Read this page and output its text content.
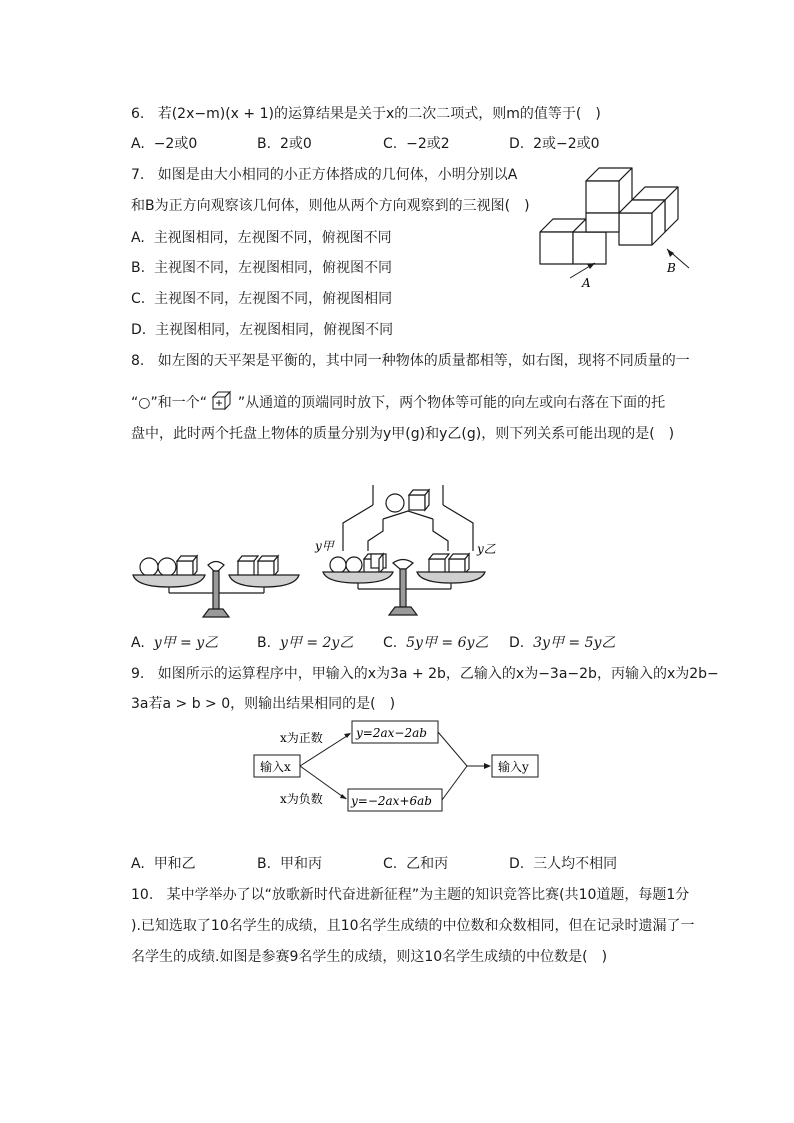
6. 若(2x−m)(x + 1)的运算结果是关于x的二次二项式，则m的值等于(　)
A. −2或0	B. 2或0	C. −2或2	D. 2或−2或0
7. 如图是由大小相同的小正方体搭成的几何体，小明分别以A
和B为正方向观察该几何体，则他从两个方向观察到的三视图(　)
A. 主视图相同，左视图不同，俯视图不同
B. 主视图不同，左视图相同，俯视图不同
C. 主视图不同，左视图不同，俯视图相同
D. 主视图相同，左视图相同，俯视图不同
A
B
8. 如左图的天平架是平衡的，其中同一种物体的质量都相等，如右图，现将不同质量的一
“○”和一个“ ”从通道的顶端同时放下，两个物体等可能的向左或向右落在下面的托
盘中，此时两个托盘上物体的质量分别为y甲(g)和y乙(g)，则下列关系可能出现的是(　)
y甲	y乙
A. y甲 = y乙	B. y甲 = 2y乙 C. 5y甲 = 6y乙 D. 3y甲 = 5y乙
9. 如图所示的运算程序中，甲输入的x为3a + 2b，乙输入的x为−3a−2b，丙输入的x为2b−
3a若a > b > 0，则输出结果相同的是(　)
输入x
x为正数
x为负数
y=2ax−2ab
y=−2ax+6ab
输入y
A. 甲和乙	B. 甲和丙	C. 乙和丙	D. 三人均不相同
10. 某中学举办了以“放歌新时代奋进新征程”为主题的知识竞答比赛(共10道题，每题1分
).已知选取了10名学生的成绩，且10名学生成绩的中位数和众数相同，但在记录时遗漏了一
名学生的成绩.如图是参赛9名学生的成绩，则这10名学生成绩的中位数是(　)
